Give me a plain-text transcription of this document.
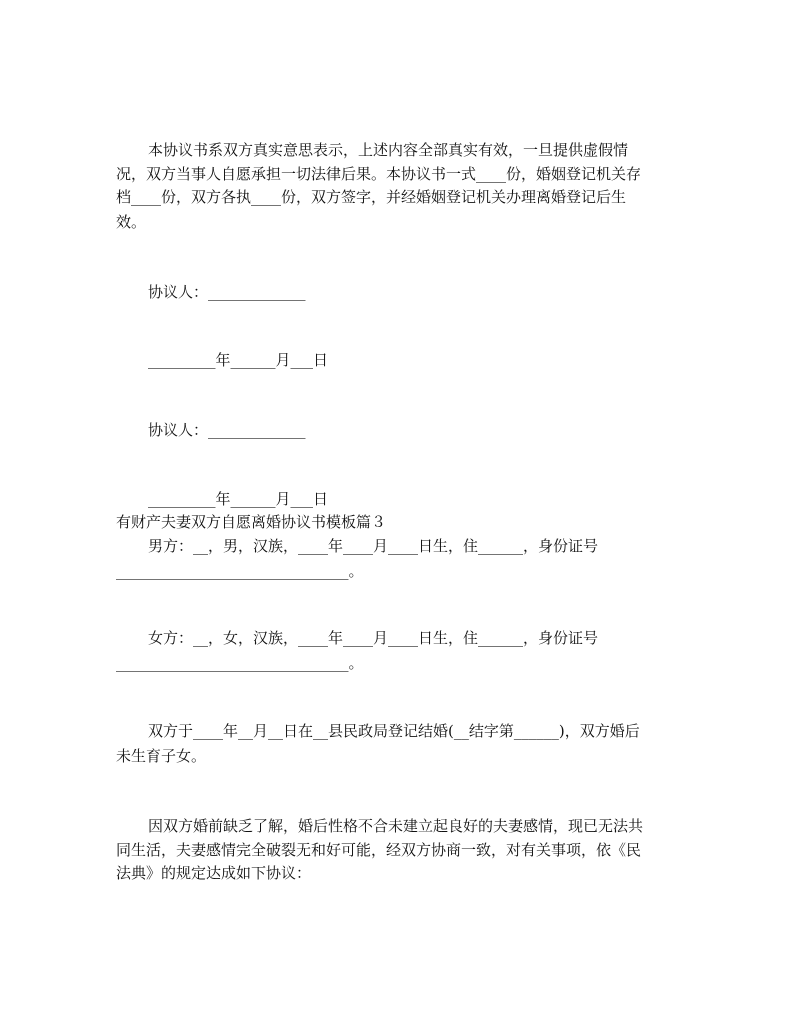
本协议书系双方真实意思表示，上述内容全部真实有效，一旦提供虚假情
况，双方当事人自愿承担一切法律后果。本协议书一式____份，婚姻登记机关存
档____份，双方各执____份，双方签字，并经婚姻登记机关办理离婚登记后生
效。
协议人：_____________
_________年______月___日
协议人：_____________
_________年______月___日
有财产夫妻双方自愿离婚协议书模板篇３
男方：__，男，汉族，____年____月____日生，住______，身份证号
_______________________________。
女方：__，女，汉族，____年____月____日生，住______，身份证号
_______________________________。
双方于____年__月__日在__县民政局登记结婚(__结字第______)，双方婚后
未生育子女。
因双方婚前缺乏了解，婚后性格不合未建立起良好的夫妻感情，现已无法共
同生活，夫妻感情完全破裂无和好可能，经双方协商一致，对有关事项，依《民
法典》的规定达成如下协议：
